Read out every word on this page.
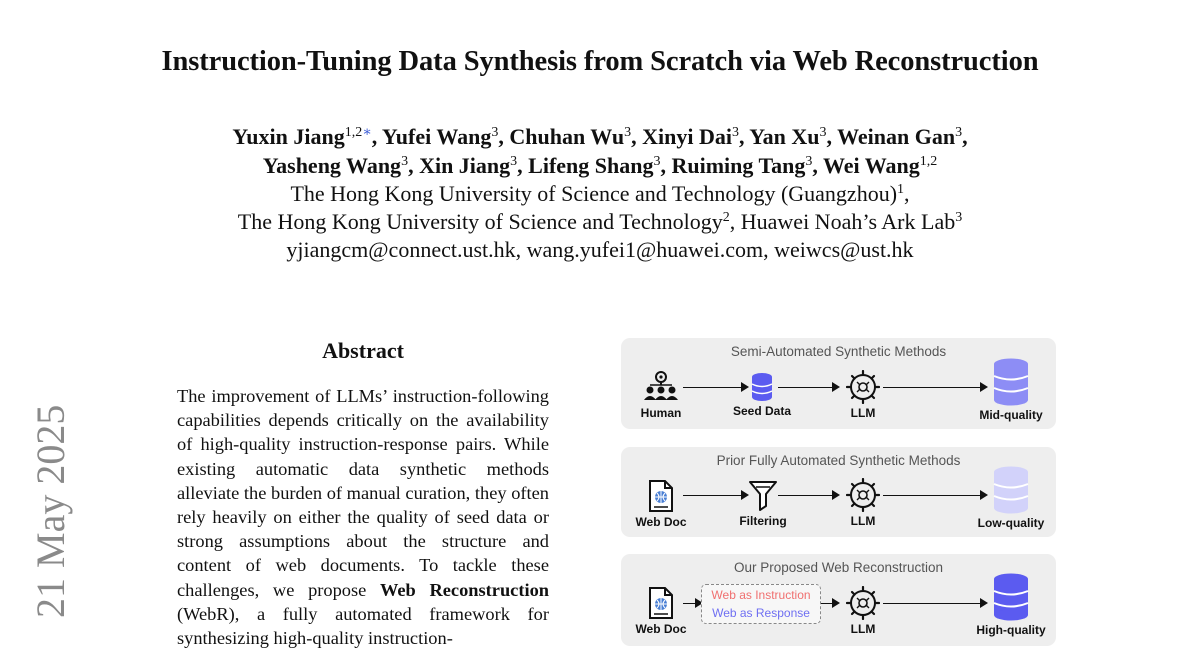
Instruction-Tuning Data Synthesis from Scratch via Web Reconstruction
Yuxin Jiang$^{1,2∗}$, Yufei Wang$^3$, Chuhan Wu$^3$, Xinyi Dai$^3$, Yan Xu$^3$, Weinan Gan$^3$,
Yasheng Wang$^3$, Xin Jiang$^3$, Lifeng Shang$^3$, Ruiming Tang$^3$, Wei Wang$^{1,2}$
The Hong Kong University of Science and Technology (Guangzhou)$^1$,
The Hong Kong University of Science and Technology$^2$, Huawei Noah’s Ark Lab$^3$
yjiangcm@connect.ust.hk, wang.yufei1@huawei.com, weiwcs@ust.hk
21 May 2025
Abstract

The improvement of LLMs’ instruction-following capabilities depends critically on the availability of high-quality instruction-response pairs. While existing automatic data synthetic methods alleviate the burden of manual curation, they often rely heavily on either the quality of seed data or strong assumptions about the structure and content of web documents. To tackle these challenges, we propose Web Reconstruction (WebR), a fully automated framework for synthesizing high-quality instruction-

Semi-Automated Synthetic Methods
Human	Seed Data	LLM	Mid-quality
Prior Fully Automated Synthetic Methods
Web Doc	Filtering	LLM	Low-quality
Our Proposed Web Reconstruction
Web Doc
Web as Instruction
Web as Response
LLM	High-quality
